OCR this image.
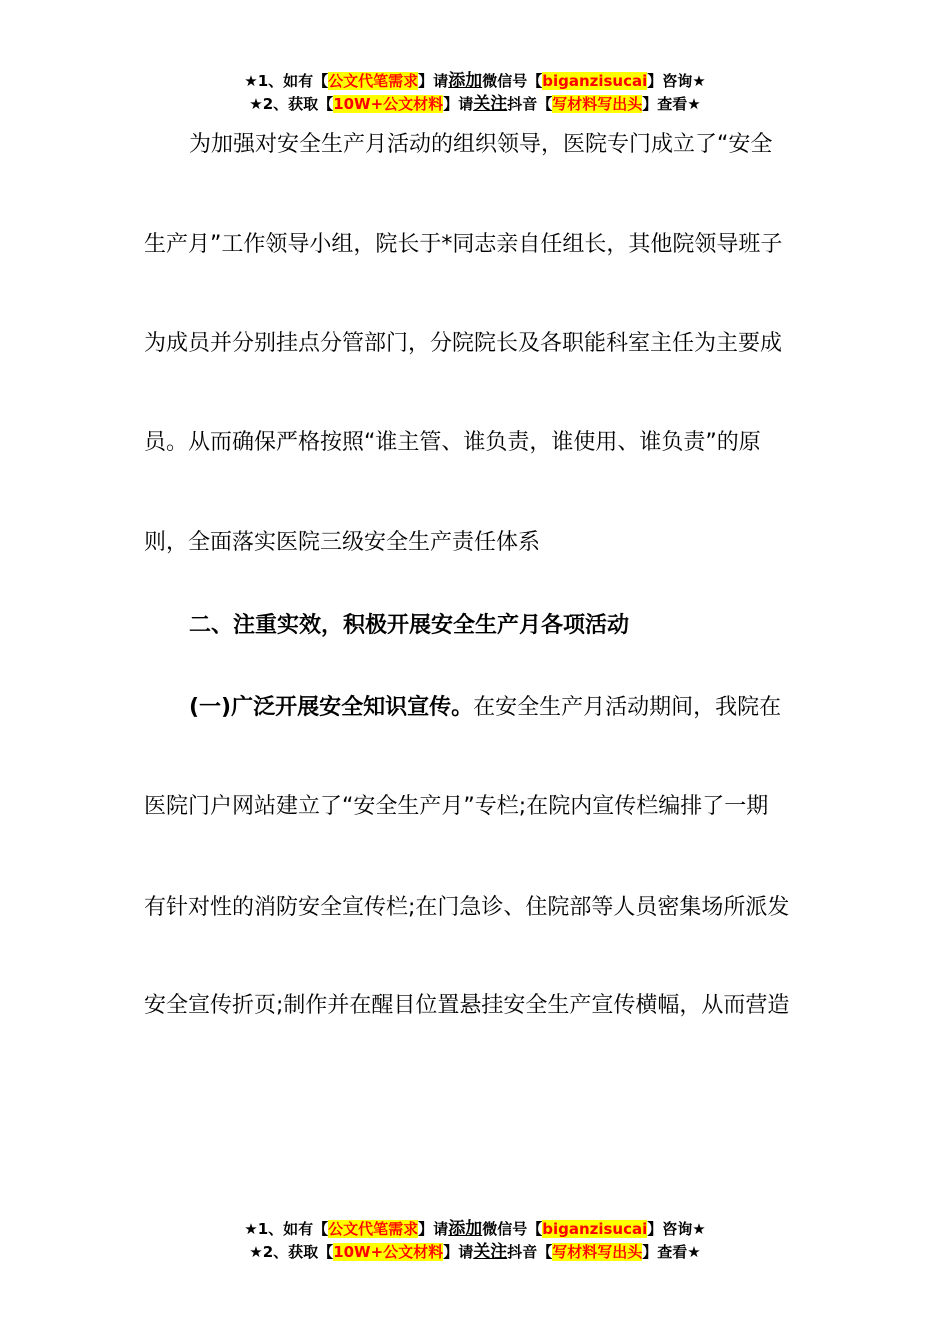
★1、如有【公文代笔需求】请添加微信号【biganzisucai】咨询★
★2、获取【10W+公文材料】请关注抖音【写材料写出头】查看★
为加强对安全生产月活动的组织领导，医院专门成立了“安全
生产月”工作领导小组，院长于*同志亲自任组长，其他院领导班子
为成员并分别挂点分管部门，分院院长及各职能科室主任为主要成
员。从而确保严格按照“谁主管、谁负责，谁使用、谁负责”的原
则，全面落实医院三级安全生产责任体系
二、注重实效，积极开展安全生产月各项活动
(一)广泛开展安全知识宣传。在安全生产月活动期间，我院在
医院门户网站建立了“安全生产月”专栏;在院内宣传栏编排了一期
有针对性的消防安全宣传栏;在门急诊、住院部等人员密集场所派发
安全宣传折页;制作并在醒目位置悬挂安全生产宣传横幅，从而营造
★1、如有【公文代笔需求】请添加微信号【biganzisucai】咨询★
★2、获取【10W+公文材料】请关注抖音【写材料写出头】查看★
